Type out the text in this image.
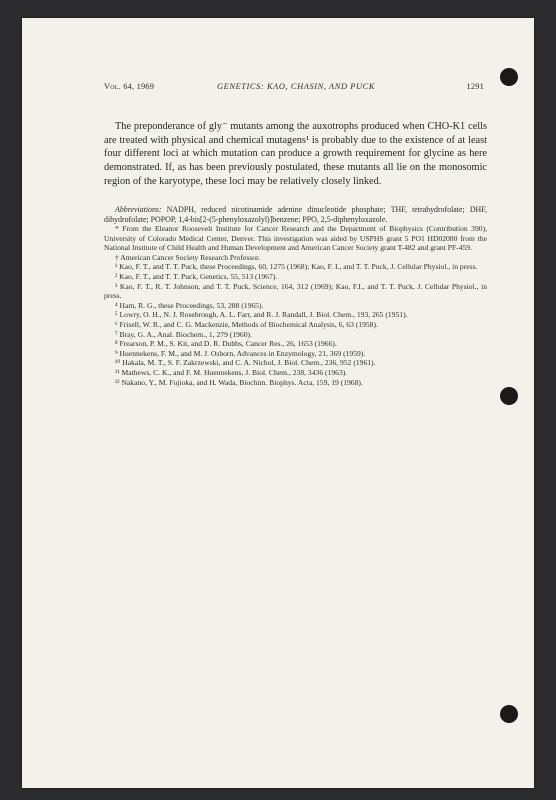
Vol. 64, 1969	GENETICS: KAO, CHASIN, AND PUCK	1291

The preponderance of gly⁻ mutants among the auxotrophs produced when CHO-K1 cells are treated with physical and chemical mutagens¹ is probably due to the existence of at least four different loci at which mutation can produce a growth requirement for glycine as here demonstrated. If, as has been previously postulated, these mutants all lie on the monosomic region of the karyotype, these loci may be relatively closely linked.

Abbreviations: NADPH, reduced nicotinamide adenine dinucleotide phosphate; THF, tetrahydrofolate; DHF, dihydrofolate; POPOP, 1,4-bis[2-(5-phenyloxazolyl)]benzene; PPO, 2,5-diphenyloxazole.

* From the Eleanor Roosevelt Institute for Cancer Research and the Department of Biophysics (Contribution 390), University of Colorado Medical Center, Denver. This investigation was aided by USPHS grant 5 PO1 HD02080 from the National Institute of Child Health and Human Development and American Cancer Society grant T-482 and grant PF-459.

† American Cancer Society Research Professor.

¹ Kao, F. T., and T. T. Puck, these Proceedings, 60, 1275 (1968); Kao, F. I., and T. T. Puck, J. Cellular Physiol., in press.

² Kao, F. T., and T. T. Puck, Genetics, 55, 513 (1967).

³ Kao, F. T., R. T. Johnson, and T. T. Puck, Science, 164, 312 (1969); Kao, F.I., and T. T. Puck, J. Cellular Physiol., in press.

⁴ Ham, R. G., these Proceedings, 53, 288 (1965).

⁵ Lowry, O. H., N. J. Rosebrough, A. L. Farr, and R. J. Randall, J. Biol. Chem., 193, 265 (1951).

⁶ Frisell, W. R., and C. G. Mackenzie, Methods of Biochemical Analysis, 6, 63 (1958).

⁷ Bray, G. A., Anal. Biochem., 1, 279 (1960).

⁸ Frearson, P. M., S. Kit, and D. R. Dubbs, Cancer Res., 26, 1653 (1966).

⁹ Huennekens, F. M., and M. J. Osborn, Advances in Enzymology, 21, 369 (1959).

¹⁰ Hakala, M. T., S. F. Zakrzewski, and C. A. Nichol, J. Biol. Chem., 236, 952 (1961).

¹¹ Mathews, C. K., and F. M. Huennekens, J. Biol. Chem., 238, 3436 (1963).

¹² Nakano, Y., M. Fujioka, and H. Wada, Biochim. Biophys. Acta, 159, 19 (1968).
